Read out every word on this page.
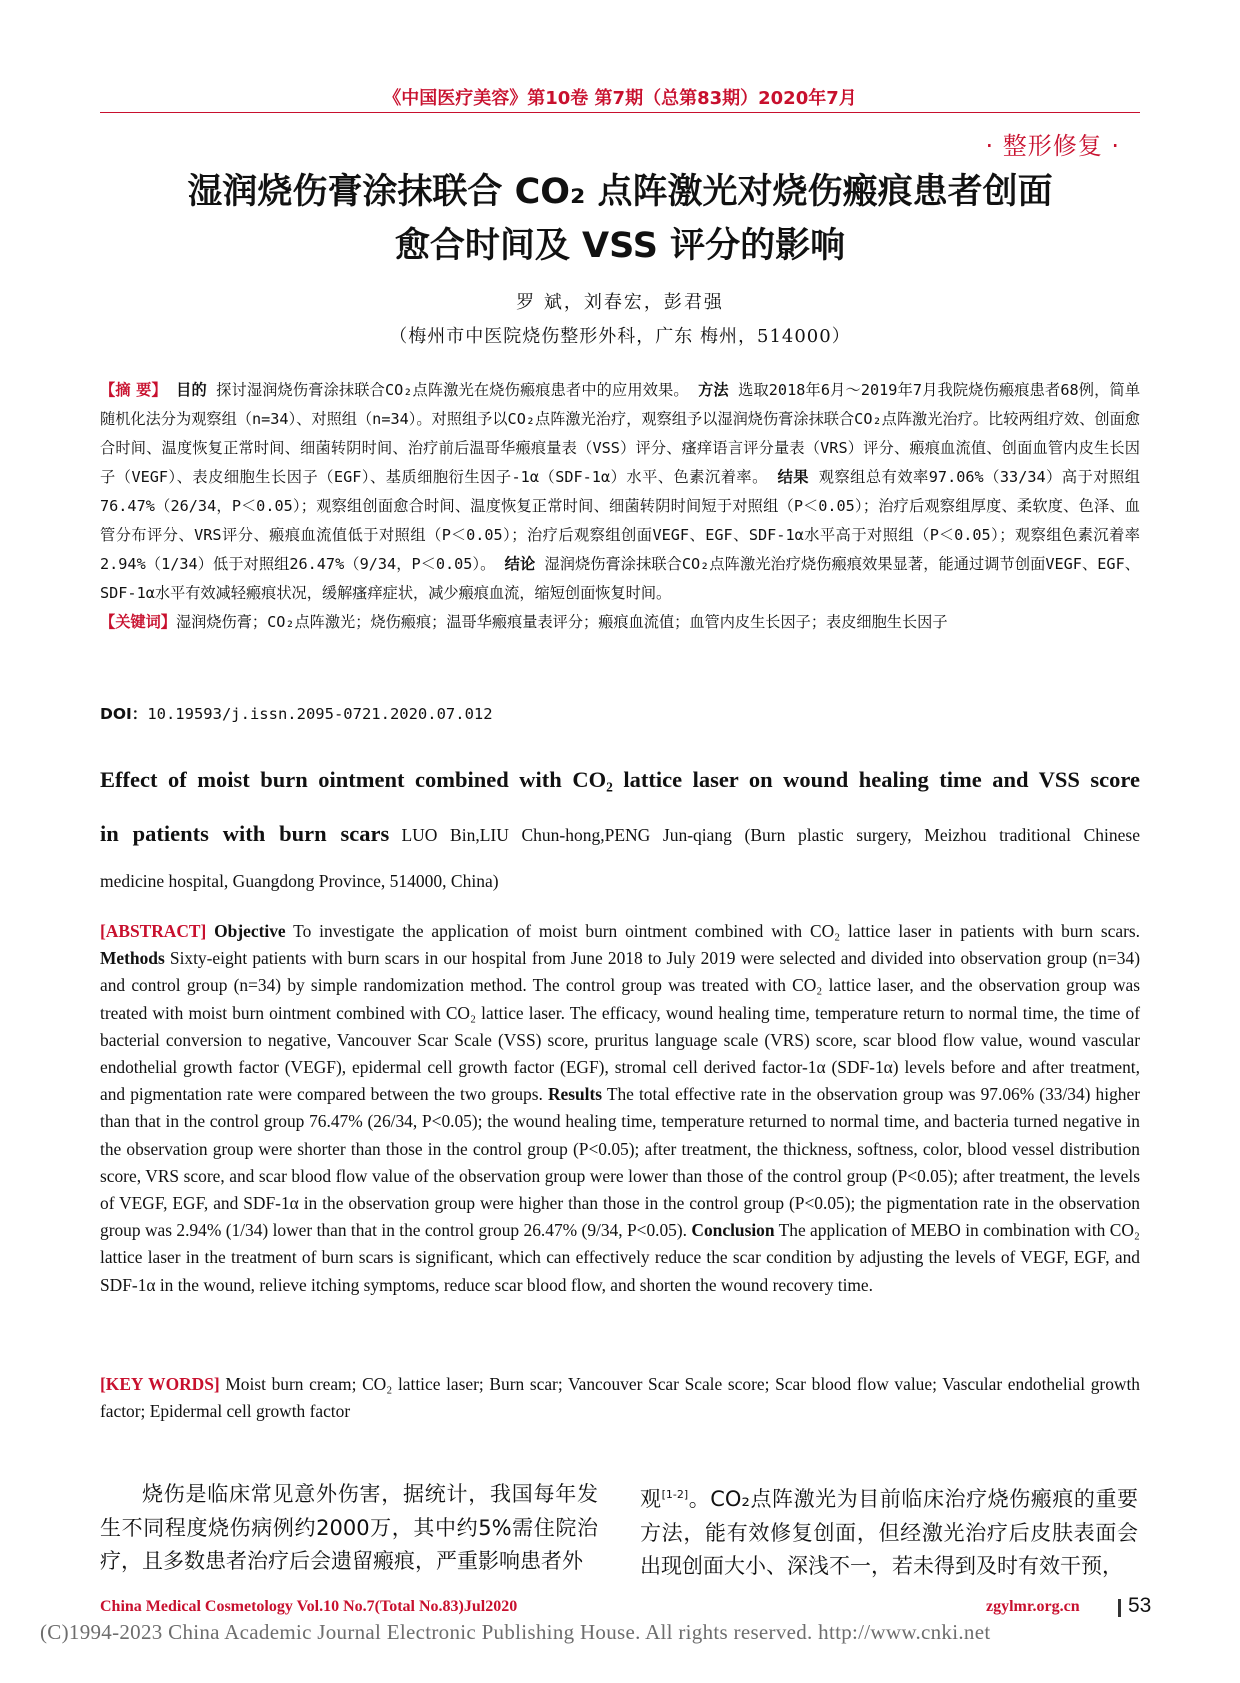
《中国医疗美容》第10卷 第7期（总第83期）2020年7月
· 整形修复 ·
湿润烧伤膏涂抹联合 CO₂ 点阵激光对烧伤瘢痕患者创面
愈合时间及 VSS 评分的影响
罗 斌，刘春宏，彭君强
（梅州市中医院烧伤整形外科，广东 梅州，514000）
【摘 要】 目的 探讨湿润烧伤膏涂抹联合CO₂点阵激光在烧伤瘢痕患者中的应用效果。 方法 选取2018年6月～2019年7月我院烧伤瘢痕患者68例，简单随机化法分为观察组（n=34）、对照组（n=34）。对照组予以CO₂点阵激光治疗，观察组予以湿润烧伤膏涂抹联合CO₂点阵激光治疗。比较两组疗效、创面愈合时间、温度恢复正常时间、细菌转阴时间、治疗前后温哥华瘢痕量表（VSS）评分、瘙痒语言评分量表（VRS）评分、瘢痕血流值、创面血管内皮生长因子（VEGF）、表皮细胞生长因子（EGF）、基质细胞衍生因子-1α（SDF-1α）水平、色素沉着率。 结果 观察组总有效率97.06%（33/34）高于对照组76.47%（26/34，P＜0.05）；观察组创面愈合时间、温度恢复正常时间、细菌转阴时间短于对照组（P＜0.05）；治疗后观察组厚度、柔软度、色泽、血管分布评分、VRS评分、瘢痕血流值低于对照组（P＜0.05）；治疗后观察组创面VEGF、EGF、SDF-1α水平高于对照组（P＜0.05）；观察组色素沉着率2.94%（1/34）低于对照组26.47%（9/34，P＜0.05）。 结论 湿润烧伤膏涂抹联合CO₂点阵激光治疗烧伤瘢痕效果显著，能通过调节创面VEGF、EGF、SDF-1α水平有效减轻瘢痕状况，缓解瘙痒症状，减少瘢痕血流，缩短创面恢复时间。
【关键词】湿润烧伤膏；CO₂点阵激光；烧伤瘢痕；温哥华瘢痕量表评分；瘢痕血流值；血管内皮生长因子；表皮细胞生长因子
DOI：10.19593/j.issn.2095-0721.2020.07.012
Effect of moist burn ointment combined with CO₂ lattice laser on wound healing time and VSS score
in patients with burn scars LUO Bin,LIU Chun-hong,PENG Jun-qiang (Burn plastic surgery, Meizhou traditional Chinese
medicine hospital, Guangdong Province, 514000, China)
[ABSTRACT] Objective To investigate the application of moist burn ointment combined with CO₂ lattice laser in patients with burn scars. Methods Sixty-eight patients with burn scars in our hospital from June 2018 to July 2019 were selected and divided into observation group (n=34) and control group (n=34) by simple randomization method. The control group was treated with CO₂ lattice laser, and the observation group was treated with moist burn ointment combined with CO₂ lattice laser. The efficacy, wound healing time, temperature return to normal time, the time of bacterial conversion to negative, Vancouver Scar Scale (VSS) score, pruritus language scale (VRS) score, scar blood flow value, wound vascular endothelial growth factor (VEGF), epidermal cell growth factor (EGF), stromal cell derived factor-1α (SDF-1α) levels before and after treatment, and pigmentation rate were compared between the two groups. Results The total effective rate in the observation group was 97.06% (33/34) higher than that in the control group 76.47% (26/34, P<0.05); the wound healing time, temperature returned to normal time, and bacteria turned negative in the observation group were shorter than those in the control group (P<0.05); after treatment, the thickness, softness, color, blood vessel distribution score, VRS score, and scar blood flow value of the observation group were lower than those of the control group (P<0.05); after treatment, the levels of VEGF, EGF, and SDF-1α in the observation group were higher than those in the control group (P<0.05); the pigmentation rate in the observation group was 2.94% (1/34) lower than that in the control group 26.47% (9/34, P<0.05). Conclusion The application of MEBO in combination with CO₂ lattice laser in the treatment of burn scars is significant, which can effectively reduce the scar condition by adjusting the levels of VEGF, EGF, and SDF-1α in the wound, relieve itching symptoms, reduce scar blood flow, and shorten the wound recovery time.
[KEY WORDS] Moist burn cream; CO₂ lattice laser; Burn scar; Vancouver Scar Scale score; Scar blood flow value; Vascular endothelial growth factor; Epidermal cell growth factor
烧伤是临床常见意外伤害，据统计，我国每年发生不同程度烧伤病例约2000万，其中约5%需住院治疗，且多数患者治疗后会遗留瘢痕，严重影响患者外
观[1-2]。CO₂点阵激光为目前临床治疗烧伤瘢痕的重要方法，能有效修复创面，但经激光治疗后皮肤表面会出现创面大小、深浅不一，若未得到及时有效干预，
China Medical Cosmetology Vol.10 No.7(Total No.83)Jul2020	zgylmr.org.cn 53
(C)1994-2023 China Academic Journal Electronic Publishing House. All rights reserved. http://www.cnki.net
